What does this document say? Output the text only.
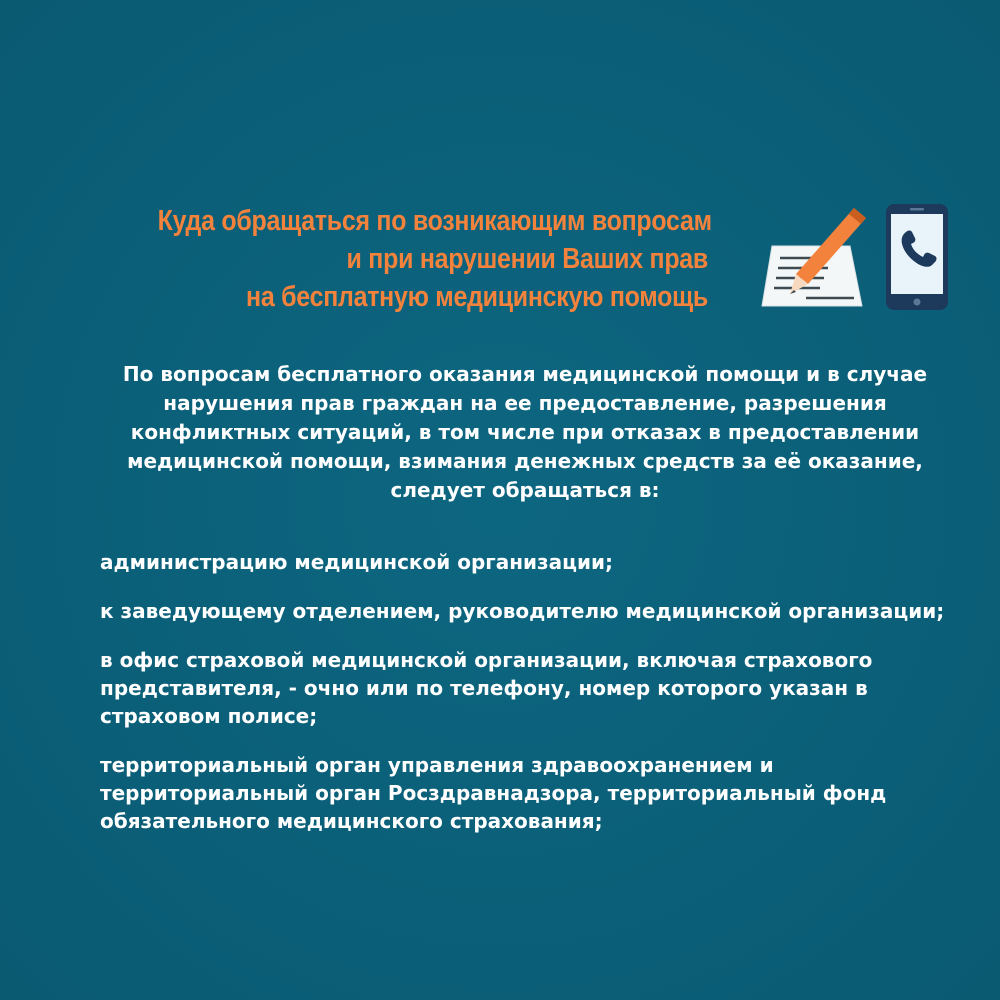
Куда обращаться по возникающим вопросам
и при нарушении Ваших прав
на бесплатную медицинскую помощь
По вопросам бесплатного оказания медицинской помощи и в случае нарушения прав граждан на ее предоставление, разрешения конфликтных ситуаций, в том числе при отказах в предоставлении медицинской помощи, взимания денежных средств за её оказание, следует обращаться в:
администрацию медицинской организации;
к заведующему отделением, руководителю медицинской организации;
в офис страховой медицинской организации, включая страхового представителя, - очно или по телефону, номер которого указан в страховом полисе;
территориальный орган управления здравоохранением и территориальный орган Росздравнадзора, территориальный фонд обязательного медицинского страхования;
